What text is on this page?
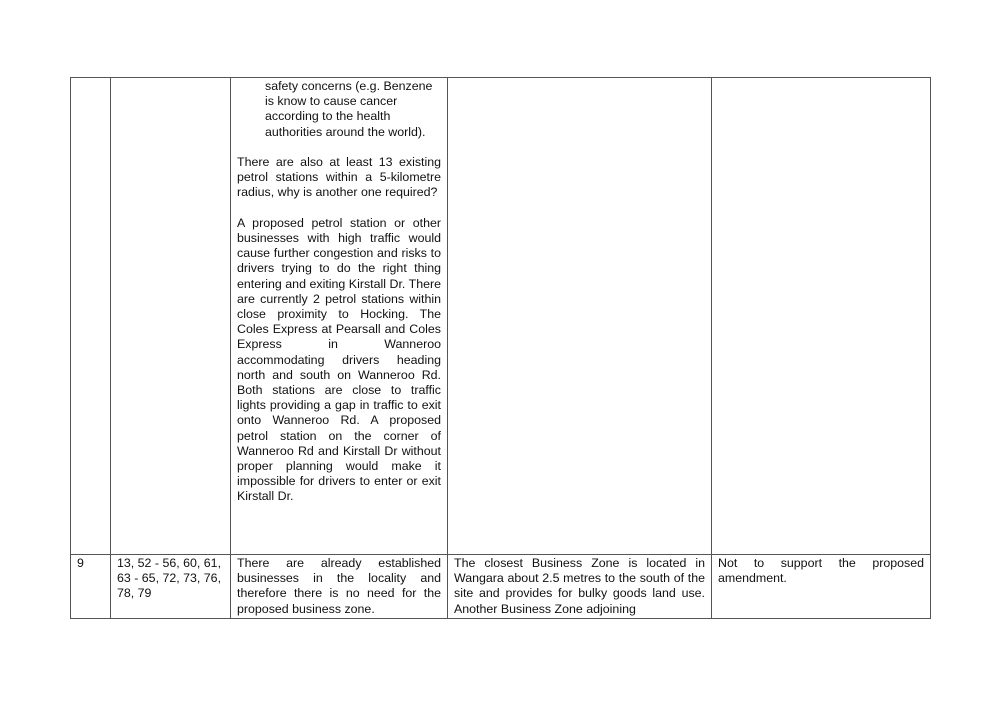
		safety concerns (e.g. Benzene is know to cause cancer according to the health authorities around the world).

There are also at least 13 existing petrol stations within a 5-kilometre radius, why is another one required?

A proposed petrol station or other businesses with high traffic would cause further congestion and risks to drivers trying to do the right thing entering and exiting Kirstall Dr. There are currently 2 petrol stations within close proximity to Hocking. The Coles Express at Pearsall and Coles Express in Wanneroo accommodating drivers heading north and south on Wanneroo Rd. Both stations are close to traffic lights providing a gap in traffic to exit onto Wanneroo Rd. A proposed petrol station on the corner of Wanneroo Rd and Kirstall Dr without proper planning would make it impossible for drivers to enter or exit Kirstall Dr.		

9	13, 52 - 56, 60, 61, 63 - 65, 72, 73, 76, 78, 79	There are already established businesses in the locality and therefore there is no need for the proposed business zone.	The closest Business Zone is located in Wangara about 2.5 metres to the south of the site and provides for bulky goods land use. Another Business Zone adjoining	Not to support the proposed amendment.
